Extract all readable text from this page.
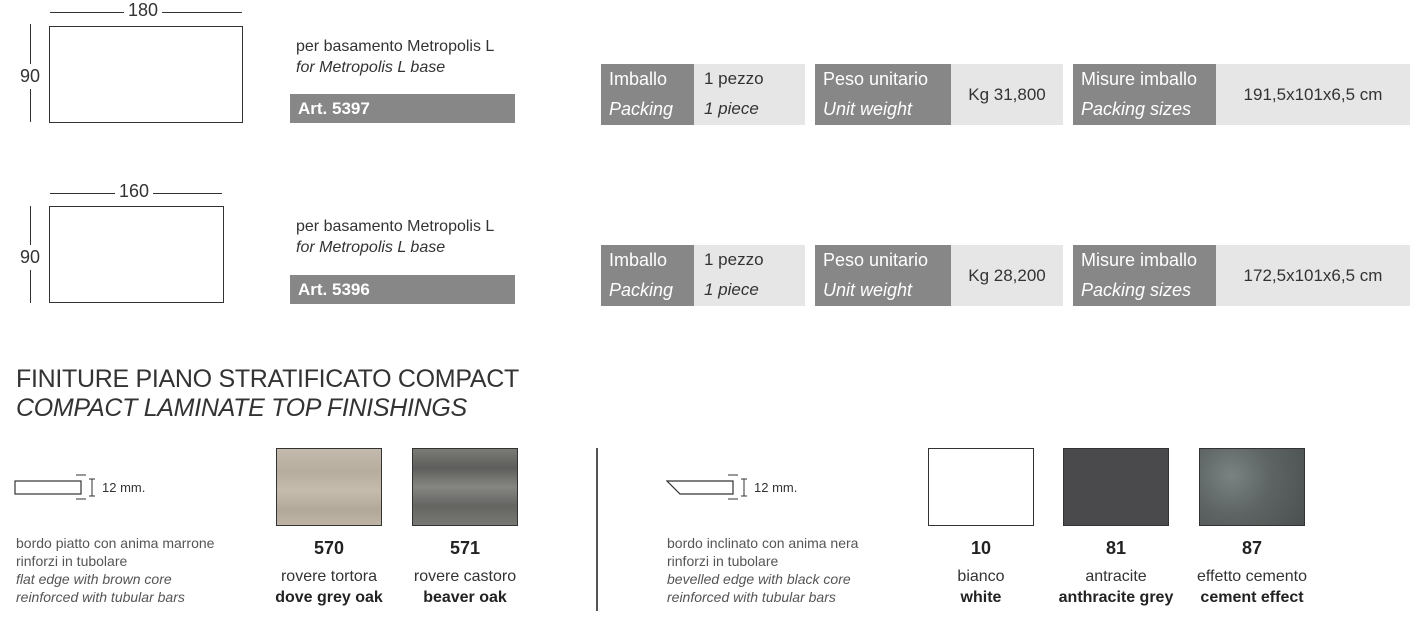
180
90
per basamento Metropolis L
for Metropolis L base
Art. 5397
Imballo
Packing
1 pezzo
1 piece
Peso unitario
Unit weight
Kg 31,800
Misure imballo
Packing sizes
191,5x101x6,5 cm
160
90
per basamento Metropolis L
for Metropolis L base
Art. 5396
Imballo
Packing
1 pezzo
1 piece
Peso unitario
Unit weight
Kg 28,200
Misure imballo
Packing sizes
172,5x101x6,5 cm
FINITURE PIANO STRATIFICATO COMPACT
COMPACT LAMINATE TOP FINISHINGS
12 mm.
bordo piatto con anima marrone
rinforzi in tubolare
flat edge with brown core
reinforced with tubular bars
570
rovere tortora
dove grey oak
571
rovere castoro
beaver oak
12 mm.
bordo inclinato con anima nera
rinforzi in tubolare
bevelled edge with black core
reinforced with tubular bars
10
bianco
white
81
antracite
anthracite grey
87
effetto cemento
cement effect
